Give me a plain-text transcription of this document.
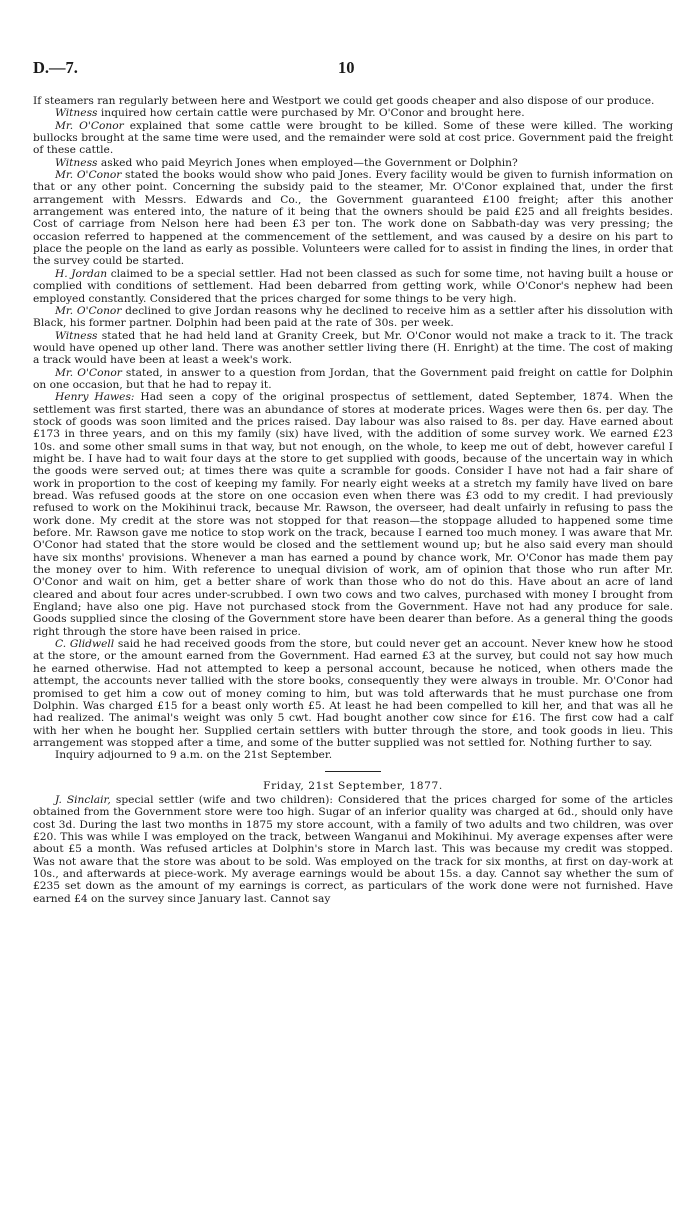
D.—7.	10

If steamers ran regularly between here and Westport we could get goods cheaper and also dispose of our produce.

Witness inquired how certain cattle were purchased by Mr. O'Conor and brought here.

Mr. O'Conor explained that some cattle were brought to be killed. Some of these were killed. The working bullocks brought at the same time were used, and the remainder were sold at cost price. Government paid the freight of these cattle.

Witness asked who paid Meyrich Jones when employed—the Government or Dolphin?

Mr. O'Conor stated the books would show who paid Jones. Every facility would be given to furnish information on that or any other point. Concerning the subsidy paid to the steamer, Mr. O'Conor explained that, under the first arrangement with Messrs. Edwards and Co., the Government guaranteed £100 freight; after this another arrangement was entered into, the nature of it being that the owners should be paid £25 and all freights besides. Cost of carriage from Nelson here had been £3 per ton. The work done on Sabbath-day was very pressing; the occasion referred to happened at the commencement of the settlement, and was caused by a desire on his part to place the people on the land as early as possible. Volunteers were called for to assist in finding the lines, in order that the survey could be started.

H. Jordan claimed to be a special settler. Had not been classed as such for some time, not having built a house or complied with conditions of settlement. Had been debarred from getting work, while O'Conor's nephew had been employed constantly. Considered that the prices charged for some things to be very high.

Mr. O'Conor declined to give Jordan reasons why he declined to receive him as a settler after his dissolution with Black, his former partner. Dolphin had been paid at the rate of 30s. per week.

Witness stated that he had held land at Granity Creek, but Mr. O'Conor would not make a track to it. The track would have opened up other land. There was another settler living there (H. Enright) at the time. The cost of making a track would have been at least a week's work.

Mr. O'Conor stated, in answer to a question from Jordan, that the Government paid freight on cattle for Dolphin on one occasion, but that he had to repay it.

Henry Hawes: Had seen a copy of the original prospectus of settlement, dated September, 1874. When the settlement was first started, there was an abundance of stores at moderate prices. Wages were then 6s. per day. The stock of goods was soon limited and the prices raised. Day labour was also raised to 8s. per day. Have earned about £173 in three years, and on this my family (six) have lived, with the addition of some survey work. We earned £23 10s. and some other small sums in that way, but not enough, on the whole, to keep me out of debt, however careful I might be. I have had to wait four days at the store to get supplied with goods, because of the uncertain way in which the goods were served out; at times there was quite a scramble for goods. Consider I have not had a fair share of work in proportion to the cost of keeping my family. For nearly eight weeks at a stretch my family have lived on bare bread. Was refused goods at the store on one occasion even when there was £3 odd to my credit. I had previously refused to work on the Mokihinui track, because Mr. Rawson, the overseer, had dealt unfairly in refusing to pass the work done. My credit at the store was not stopped for that reason—the stoppage alluded to happened some time before. Mr. Rawson gave me notice to stop work on the track, because I earned too much money. I was aware that Mr. O'Conor had stated that the store would be closed and the settlement wound up; but he also said every man should have six months' provisions. Whenever a man has earned a pound by chance work, Mr. O'Conor has made them pay the money over to him. With reference to unequal division of work, am of opinion that those who run after Mr. O'Conor and wait on him, get a better share of work than those who do not do this. Have about an acre of land cleared and about four acres under-scrubbed. I own two cows and two calves, purchased with money I brought from England; have also one pig. Have not purchased stock from the Government. Have not had any produce for sale. Goods supplied since the closing of the Government store have been dearer than before. As a general thing the goods right through the store have been raised in price.

C. Glidwell said he had received goods from the store, but could never get an account. Never knew how he stood at the store, or the amount earned from the Government. Had earned £3 at the survey, but could not say how much he earned otherwise. Had not attempted to keep a personal account, because he noticed, when others made the attempt, the accounts never tallied with the store books, consequently they were always in trouble. Mr. O'Conor had promised to get him a cow out of money coming to him, but was told afterwards that he must purchase one from Dolphin. Was charged £15 for a beast only worth £5. At least he had been compelled to kill her, and that was all he had realized. The animal's weight was only 5 cwt. Had bought another cow since for £16. The first cow had a calf with her when he bought her. Supplied certain settlers with butter through the store, and took goods in lieu. This arrangement was stopped after a time, and some of the butter supplied was not settled for. Nothing further to say.

Inquiry adjourned to 9 a.m. on the 21st September.

Friday, 21st September, 1877.

J. Sinclair, special settler (wife and two children): Considered that the prices charged for some of the articles obtained from the Government store were too high. Sugar of an inferior quality was charged at 6d., should only have cost 3d. During the last two months in 1875 my store account, with a family of two adults and two children, was over £20. This was while I was employed on the track, between Wanganui and Mokihinui. My average expenses after were about £5 a month. Was refused articles at Dolphin's store in March last. This was because my credit was stopped. Was not aware that the store was about to be sold. Was employed on the track for six months, at first on day-work at 10s., and afterwards at piece-work. My average earnings would be about 15s. a day. Cannot say whether the sum of £235 set down as the amount of my earnings is correct, as particulars of the work done were not furnished. Have earned £4 on the survey since January last. Cannot say
